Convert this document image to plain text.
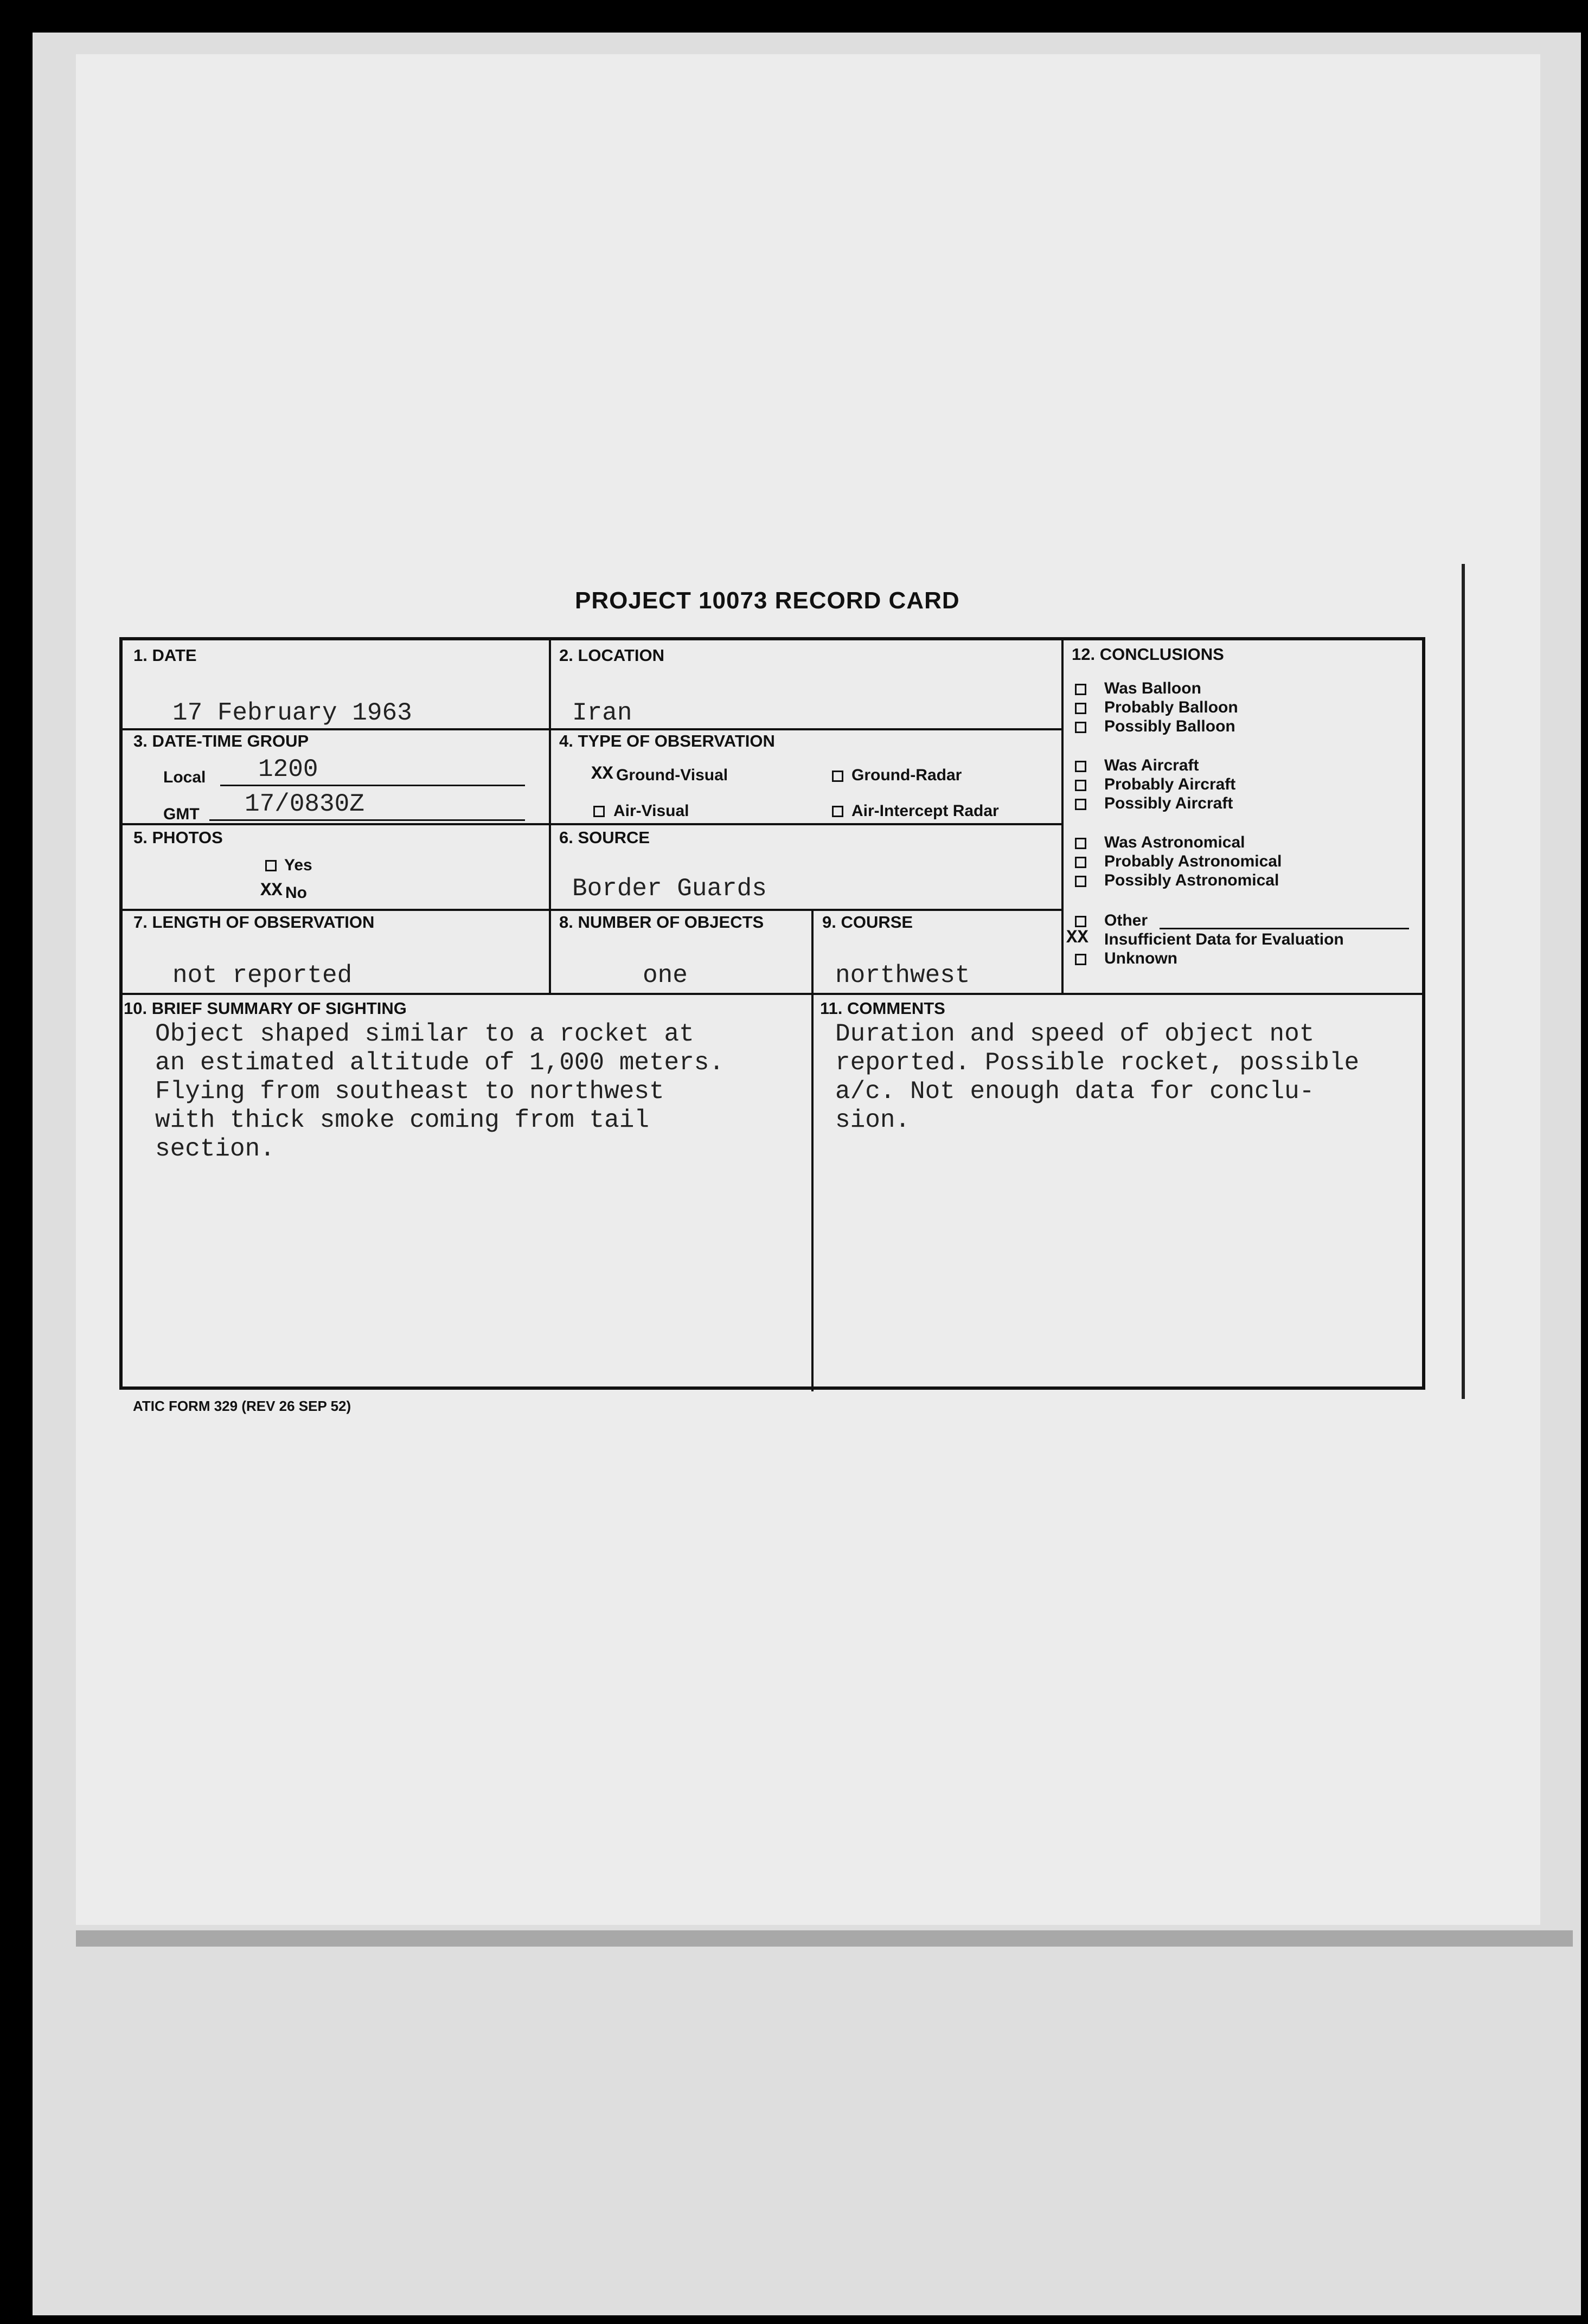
PROJECT 10073 RECORD CARD
1. DATE
17 February 1963
2. LOCATION
Iran
3. DATE-TIME GROUP
Local 1200
GMT 17/0830Z
4. TYPE OF OBSERVATION
XX Ground-Visual	Ground-Radar
Air-Visual	Air-Intercept Radar
5. PHOTOS
Yes
XX No
6. SOURCE
Border Guards
7. LENGTH OF OBSERVATION
not reported
8. NUMBER OF OBJECTS
one
9. COURSE
northwest
10. BRIEF SUMMARY OF SIGHTING
Object shaped similar to a rocket at
an estimated altitude of 1,000 meters.
Flying from southeast to northwest
with thick smoke coming from tail
section.
11. COMMENTS
Duration and speed of object not
reported. Possible rocket, possible
a/c. Not enough data for conclu-
sion.
12. CONCLUSIONS
Was Balloon
Probably Balloon
Possibly Balloon
Was Aircraft
Probably Aircraft
Possibly Aircraft
Was Astronomical
Probably Astronomical
Possibly Astronomical
Other
XX Insufficient Data for Evaluation
Unknown
ATIC FORM 329 (REV 26 SEP 52)
